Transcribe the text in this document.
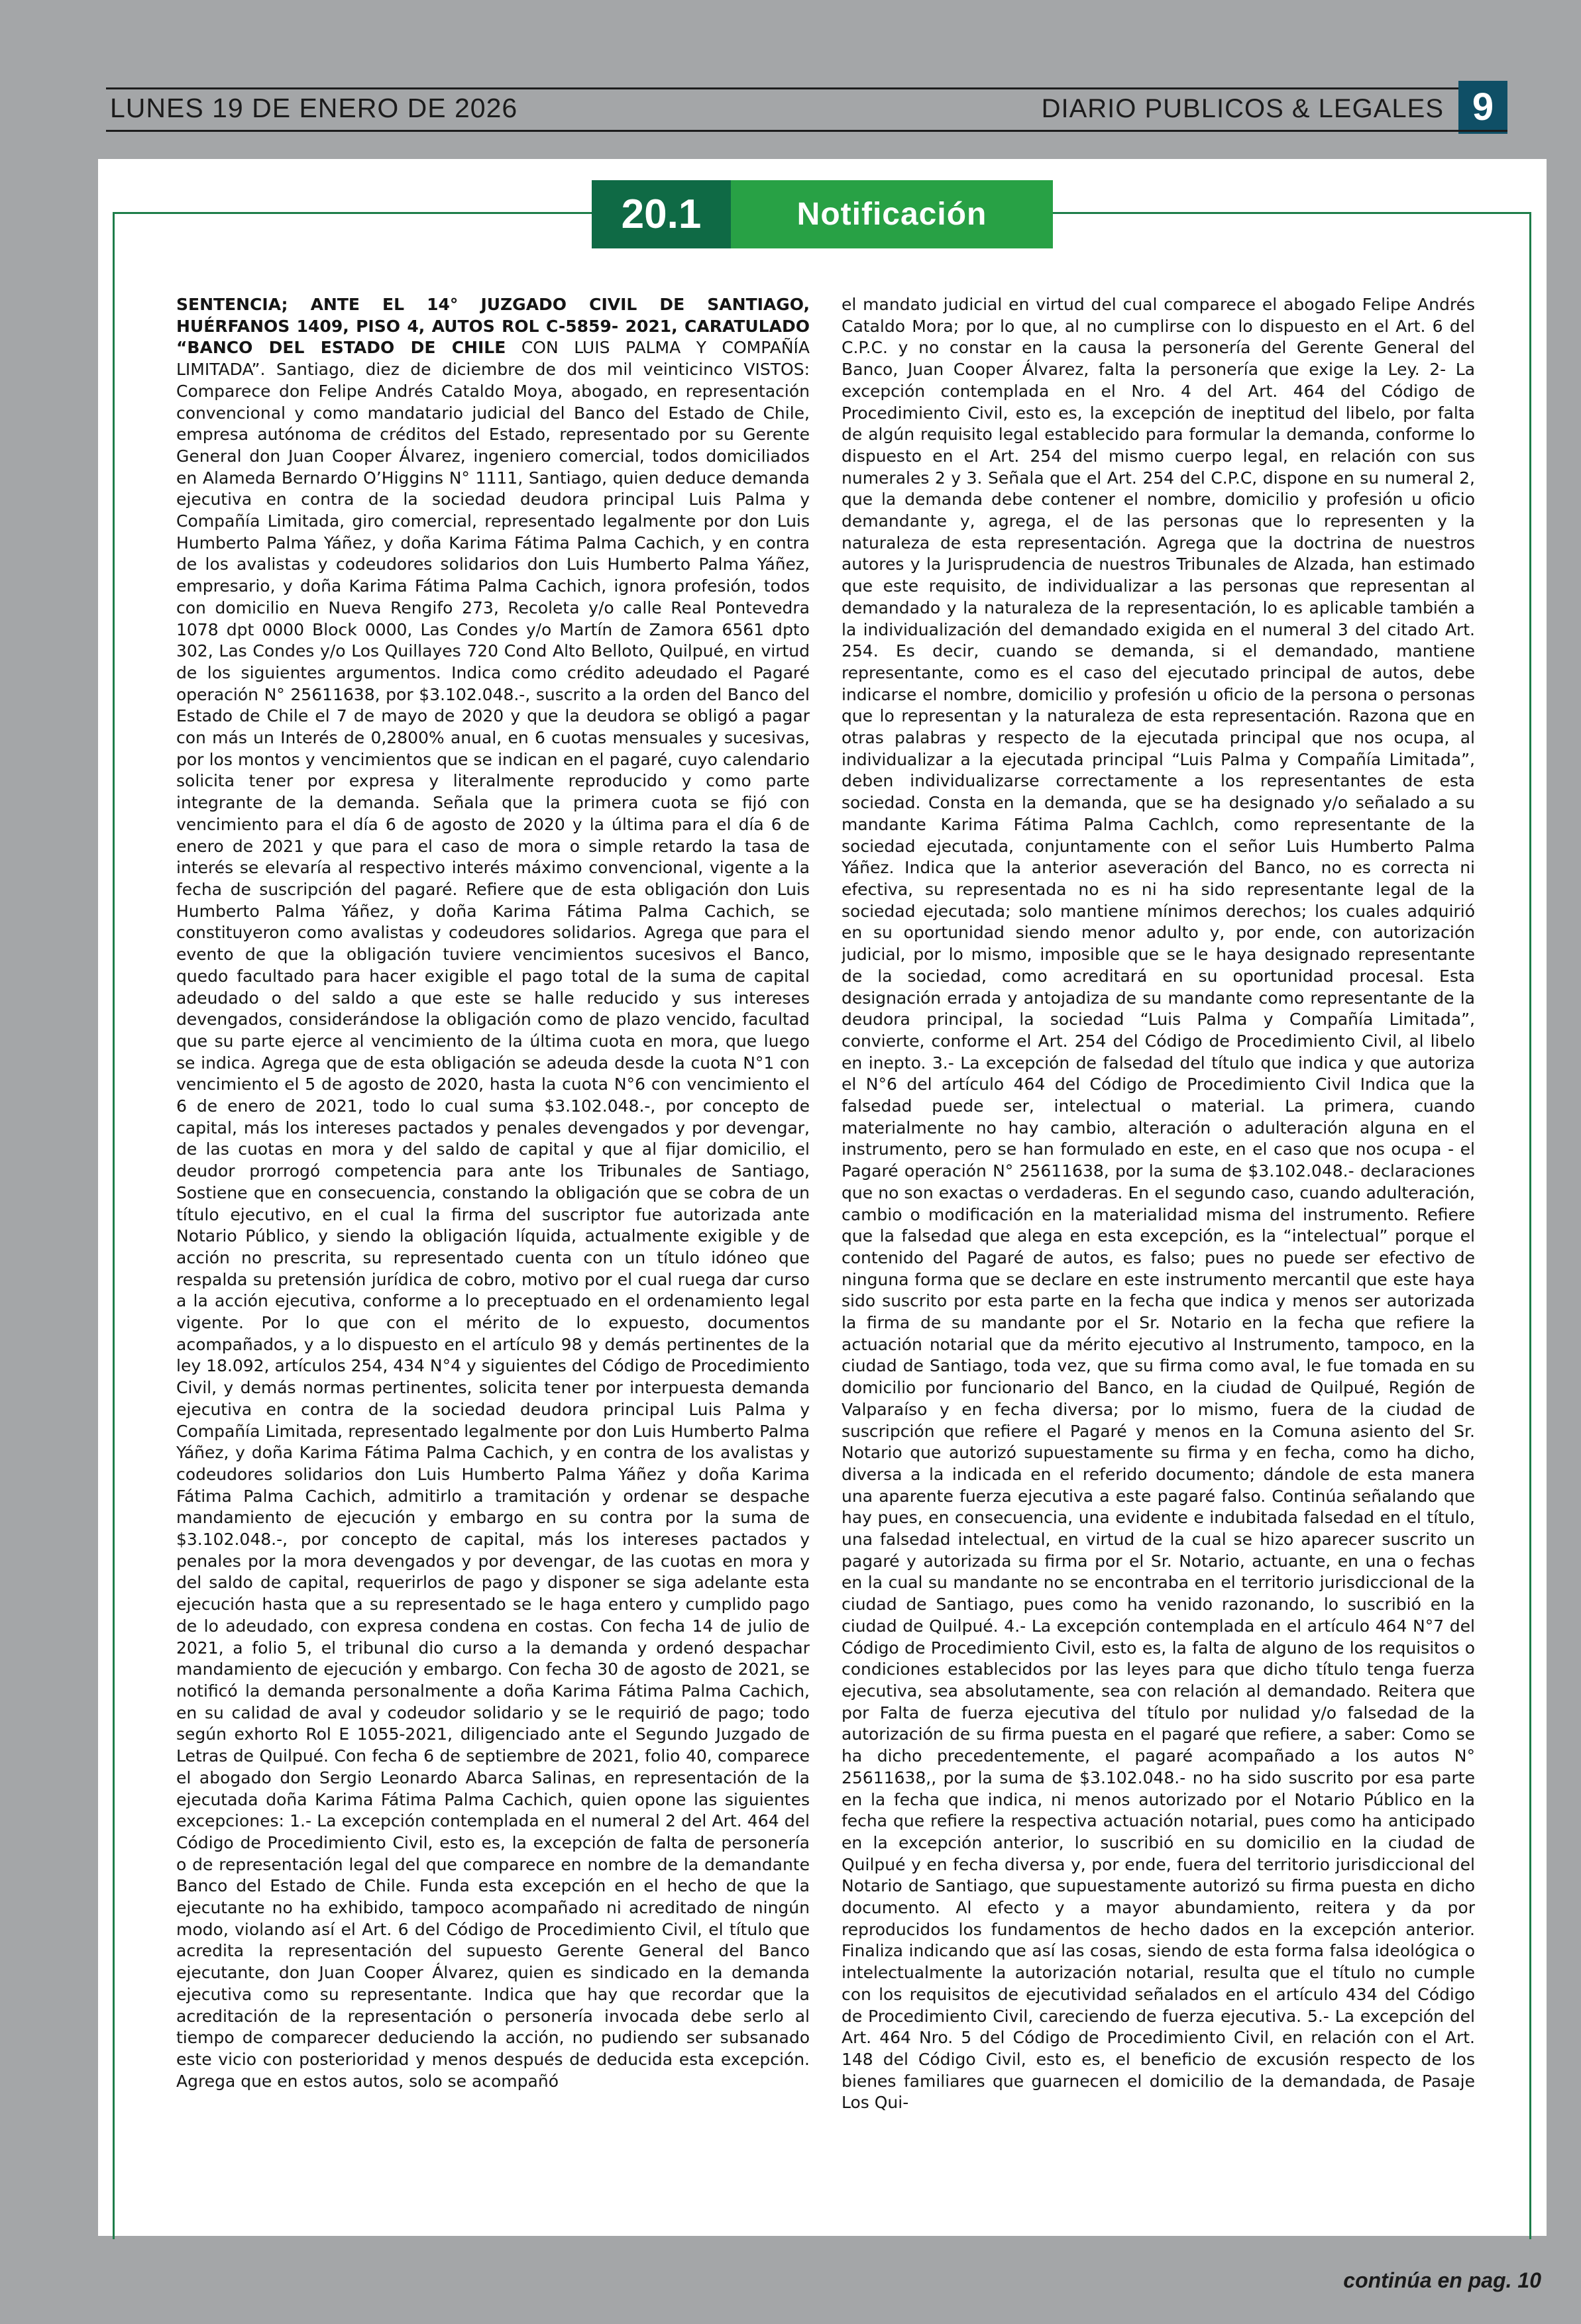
LUNES 19 DE ENERO DE 2026	DIARIO PUBLICOS & LEGALES 9
20.1	Notificación

SENTENCIA; ANTE EL 14° JUZGADO CIVIL DE SANTIAGO, HUÉRFANOS 1409, PISO 4, AUTOS ROL C-5859- 2021, CARATULADO “BANCO DEL ESTADO DE CHILE CON LUIS PALMA Y COMPAÑÍA LIMITADA”. Santiago, diez de diciembre de dos mil veinticinco VISTOS: Comparece don Felipe Andrés Cataldo Moya, abogado, en representación convencional y como mandatario judicial del Banco del Estado de Chile, empresa autónoma de créditos del Estado, representado por su Gerente General don Juan Cooper Álvarez, ingeniero comercial, todos domiciliados en Alameda Bernardo O’Higgins N° 1111, Santiago, quien deduce demanda ejecutiva en contra de la sociedad deudora principal Luis Palma y Compañía Limitada, giro comercial, representado legalmente por don Luis Humberto Palma Yáñez, y doña Karima Fátima Palma Cachich, y en contra de los avalistas y codeudores solidarios don Luis Humberto Palma Yáñez, empresario, y doña Karima Fátima Palma Cachich, ignora profesión, todos con domicilio en Nueva Rengifo 273, Recoleta y/o calle Real Pontevedra 1078 dpt 0000 Block 0000, Las Condes y/o Martín de Zamora 6561 dpto 302, Las Condes y/o Los Quillayes 720 Cond Alto Belloto, Quilpué, en virtud de los siguientes argumentos. Indica como crédito adeudado el Pagaré operación N° 25611638, por $3.102.048.-, suscrito a la orden del Banco del Estado de Chile el 7 de mayo de 2020 y que la deudora se obligó a pagar con más un Interés de 0,2800% anual, en 6 cuotas mensuales y sucesivas, por los montos y vencimientos que se indican en el pagaré, cuyo calendario solicita tener por expresa y literalmente reproducido y como parte integrante de la demanda. Señala que la primera cuota se fijó con vencimiento para el día 6 de agosto de 2020 y la última para el día 6 de enero de 2021 y que para el caso de mora o simple retardo la tasa de interés se elevaría al respectivo interés máximo convencional, vigente a la fecha de suscripción del pagaré. Refiere que de esta obligación don Luis Humberto Palma Yáñez, y doña Karima Fátima Palma Cachich, se constituyeron como avalistas y codeudores solidarios. Agrega que para el evento de que la obligación tuviere vencimientos sucesivos el Banco, quedo facultado para hacer exigible el pago total de la suma de capital adeudado o del saldo a que este se halle reducido y sus intereses devengados, considerándose la obligación como de plazo vencido, facultad que su parte ejerce al vencimiento de la última cuota en mora, que luego se indica. Agrega que de esta obligación se adeuda desde la cuota N°1 con vencimiento el 5 de agosto de 2020, hasta la cuota N°6 con vencimiento el 6 de enero de 2021, todo lo cual suma $3.102.048.-, por concepto de capital, más los intereses pactados y penales devengados y por devengar, de las cuotas en mora y del saldo de capital y que al fijar domicilio, el deudor prorrogó competencia para ante los Tribunales de Santiago, Sostiene que en consecuencia, constando la obligación que se cobra de un título ejecutivo, en el cual la firma del suscriptor fue autorizada ante Notario Público, y siendo la obligación líquida, actualmente exigible y de acción no prescrita, su representado cuenta con un título idóneo que respalda su pretensión jurídica de cobro, motivo por el cual ruega dar curso a la acción ejecutiva, conforme a lo preceptuado en el ordenamiento legal vigente. Por lo que con el mérito de lo expuesto, documentos acompañados, y a lo dispuesto en el artículo 98 y demás pertinentes de la ley 18.092, artículos 254, 434 N°4 y siguientes del Código de Procedimiento Civil, y demás normas pertinentes, solicita tener por interpuesta demanda ejecutiva en contra de la sociedad deudora principal Luis Palma y Compañía Limitada, representado legalmente por don Luis Humberto Palma Yáñez, y doña Karima Fátima Palma Cachich, y en contra de los avalistas y codeudores solidarios don Luis Humberto Palma Yáñez y doña Karima Fátima Palma Cachich, admitirlo a tramitación y ordenar se despache mandamiento de ejecución y embargo en su contra por la suma de $3.102.048.-, por concepto de capital, más los intereses pactados y penales por la mora devengados y por devengar, de las cuotas en mora y del saldo de capital, requerirlos de pago y disponer se siga adelante esta ejecución hasta que a su representado se le haga entero y cumplido pago de lo adeudado, con expresa condena en costas. Con fecha 14 de julio de 2021, a folio 5, el tribunal dio curso a la demanda y ordenó despachar mandamiento de ejecución y embargo. Con fecha 30 de agosto de 2021, se notificó la demanda personalmente a doña Karima Fátima Palma Cachich, en su calidad de aval y codeudor solidario y se le requirió de pago; todo según exhorto Rol E 1055-2021, diligenciado ante el Segundo Juzgado de Letras de Quilpué. Con fecha 6 de septiembre de 2021, folio 40, comparece el abogado don Sergio Leonardo Abarca Salinas, en representación de la ejecutada doña Karima Fátima Palma Cachich, quien opone las siguientes excepciones: 1.- La excepción contemplada en el numeral 2 del Art. 464 del Código de Procedimiento Civil, esto es, la excepción de falta de personería o de representación legal del que comparece en nombre de la demandante Banco del Estado de Chile. Funda esta excepción en el hecho de que la ejecutante no ha exhibido, tampoco acompañado ni acreditado de ningún modo, violando así el Art. 6 del Código de Procedimiento Civil, el título que acredita la representación del supuesto Gerente General del Banco ejecutante, don Juan Cooper Álvarez, quien es sindicado en la demanda ejecutiva como su representante. Indica que hay que recordar que la acreditación de la representación o personería invocada debe serlo al tiempo de comparecer deduciendo la acción, no pudiendo ser subsanado este vicio con posterioridad y menos después de deducida esta excepción. Agrega que en estos autos, solo se acompañó

el mandato judicial en virtud del cual comparece el abogado Felipe Andrés Cataldo Mora; por lo que, al no cumplirse con lo dispuesto en el Art. 6 del C.P.C. y no constar en la causa la personería del Gerente General del Banco, Juan Cooper Álvarez, falta la personería que exige la Ley. 2- La excepción contemplada en el Nro. 4 del Art. 464 del Código de Procedimiento Civil, esto es, la excepción de ineptitud del libelo, por falta de algún requisito legal establecido para formular la demanda, conforme lo dispuesto en el Art. 254 del mismo cuerpo legal, en relación con sus numerales 2 y 3. Señala que el Art. 254 del C.P.C, dispone en su numeral 2, que la demanda debe contener el nombre, domicilio y profesión u oficio demandante y, agrega, el de las personas que lo representen y la naturaleza de esta representación. Agrega que la doctrina de nuestros autores y la Jurisprudencia de nuestros Tribunales de Alzada, han estimado que este requisito, de individualizar a las personas que representan al demandado y la naturaleza de la representación, lo es aplicable también a la individualización del demandado exigida en el numeral 3 del citado Art. 254. Es decir, cuando se demanda, si el demandado, mantiene representante, como es el caso del ejecutado principal de autos, debe indicarse el nombre, domicilio y profesión u oficio de la persona o personas que lo representan y la naturaleza de esta representación. Razona que en otras palabras y respecto de la ejecutada principal que nos ocupa, al individualizar a la ejecutada principal “Luis Palma y Compañía Limitada”, deben individualizarse correctamente a los representantes de esta sociedad. Consta en la demanda, que se ha designado y/o señalado a su mandante Karima Fátima Palma Cachlch, como representante de la sociedad ejecutada, conjuntamente con el señor Luis Humberto Palma Yáñez. Indica que la anterior aseveración del Banco, no es correcta ni efectiva, su representada no es ni ha sido representante legal de la sociedad ejecutada; solo mantiene mínimos derechos; los cuales adquirió en su oportunidad siendo menor adulto y, por ende, con autorización judicial, por lo mismo, imposible que se le haya designado representante de la sociedad, como acreditará en su oportunidad procesal. Esta designación errada y antojadiza de su mandante como representante de la deudora principal, la sociedad “Luis Palma y Compañía Limitada”, convierte, conforme el Art. 254 del Código de Procedimiento Civil, al libelo en inepto. 3.- La excepción de falsedad del título que indica y que autoriza el N°6 del artículo 464 del Código de Procedimiento Civil Indica que la falsedad puede ser, intelectual o material. La primera, cuando materialmente no hay cambio, alteración o adulteración alguna en el instrumento, pero se han formulado en este, en el caso que nos ocupa - el Pagaré operación N° 25611638, por la suma de $3.102.048.- declaraciones que no son exactas o verdaderas. En el segundo caso, cuando adulteración, cambio o modificación en la materialidad misma del instrumento. Refiere que la falsedad que alega en esta excepción, es la “intelectual” porque el contenido del Pagaré de autos, es falso; pues no puede ser efectivo de ninguna forma que se declare en este instrumento mercantil que este haya sido suscrito por esta parte en la fecha que indica y menos ser autorizada la firma de su mandante por el Sr. Notario en la fecha que refiere la actuación notarial que da mérito ejecutivo al Instrumento, tampoco, en la ciudad de Santiago, toda vez, que su firma como aval, le fue tomada en su domicilio por funcionario del Banco, en la ciudad de Quilpué, Región de Valparaíso y en fecha diversa; por lo mismo, fuera de la ciudad de suscripción que refiere el Pagaré y menos en la Comuna asiento del Sr. Notario que autorizó supuestamente su firma y en fecha, como ha dicho, diversa a la indicada en el referido documento; dándole de esta manera una aparente fuerza ejecutiva a este pagaré falso. Continúa señalando que hay pues, en consecuencia, una evidente e indubitada falsedad en el título, una falsedad intelectual, en virtud de la cual se hizo aparecer suscrito un pagaré y autorizada su firma por el Sr. Notario, actuante, en una o fechas en la cual su mandante no se encontraba en el territorio jurisdiccional de la ciudad de Santiago, pues como ha venido razonando, lo suscribió en la ciudad de Quilpué. 4.- La excepción contemplada en el artículo 464 N°7 del Código de Procedimiento Civil, esto es, la falta de alguno de los requisitos o condiciones establecidos por las leyes para que dicho título tenga fuerza ejecutiva, sea absolutamente, sea con relación al demandado. Reitera que por Falta de fuerza ejecutiva del título por nulidad y/o falsedad de la autorización de su firma puesta en el pagaré que refiere, a saber: Como se ha dicho precedentemente, el pagaré acompañado a los autos N° 25611638,, por la suma de $3.102.048.- no ha sido suscrito por esa parte en la fecha que indica, ni menos autorizado por el Notario Público en la fecha que refiere la respectiva actuación notarial, pues como ha anticipado en la excepción anterior, lo suscribió en su domicilio en la ciudad de Quilpué y en fecha diversa y, por ende, fuera del territorio jurisdiccional del Notario de Santiago, que supuestamente autorizó su firma puesta en dicho documento. Al efecto y a mayor abundamiento, reitera y da por reproducidos los fundamentos de hecho dados en la excepción anterior. Finaliza indicando que así las cosas, siendo de esta forma falsa ideológica o intelectualmente la autorización notarial, resulta que el título no cumple con los requisitos de ejecutividad señalados en el artículo 434 del Código de Procedimiento Civil, careciendo de fuerza ejecutiva. 5.- La excepción del Art. 464 Nro. 5 del Código de Procedimiento Civil, en relación con el Art. 148 del Código Civil, esto es, el beneficio de excusión respecto de los bienes familiares que guarnecen el domicilio de la demandada, de Pasaje Los Qui-

continúa en pag. 10
